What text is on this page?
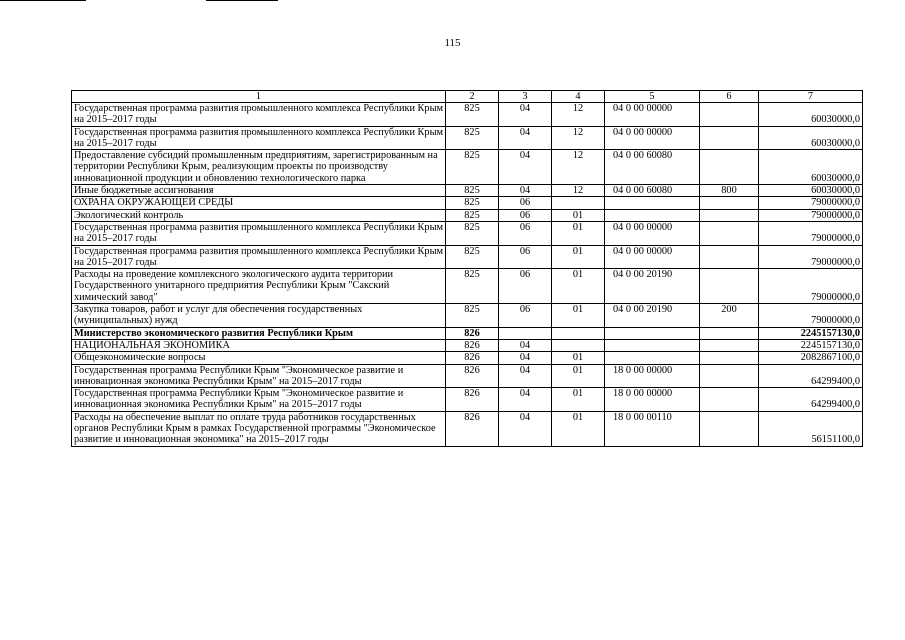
115
1	2	3	4	5	6	7
Государственная программа развития промышленного комплекса Республики Крым на 2015–2017 годы	825	04	12	04 0 00 00000		60030000,0
Государственная программа развития промышленного комплекса Республики Крым на 2015–2017 годы	825	04	12	04 0 00 00000		60030000,0
Предоставление субсидий промышленным предприятиям, зарегистрированным на территории Республики Крым, реализующим проекты по производству инновационной продукции и обновлению технологического парка	825	04	12	04 0 00 60080		60030000,0
Иные бюджетные ассигнования	825	04	12	04 0 00 60080	800	60030000,0
ОХРАНА ОКРУЖАЮЩЕЙ СРЕДЫ	825	06				79000000,0
Экологический контроль	825	06	01			79000000,0
Государственная программа развития промышленного комплекса Республики Крым на 2015–2017 годы	825	06	01	04 0 00 00000		79000000,0
Государственная программа развития промышленного комплекса Республики Крым на 2015–2017 годы	825	06	01	04 0 00 00000		79000000,0
Расходы на проведение комплексного экологического аудита территории Государственного унитарного предприятия Республики Крым "Сакский химический завод"	825	06	01	04 0 00 20190		79000000,0
Закупка товаров, работ и услуг для обеспечения государственных (муниципальных) нужд	825	06	01	04 0 00 20190	200	79000000,0
Министерство экономического развития Республики Крым	826					2245157130,0
НАЦИОНАЛЬНАЯ ЭКОНОМИКА	826	04				2245157130,0
Общеэкономические вопросы	826	04	01			2082867100,0
Государственная программа Республики Крым "Экономическое развитие и инновационная экономика Республики Крым" на 2015–2017 годы	826	04	01	18 0 00 00000		64299400,0
Государственная программа Республики Крым "Экономическое развитие и инновационная экономика Республики Крым" на 2015–2017 годы	826	04	01	18 0 00 00000		64299400,0
Расходы на обеспечение выплат по оплате труда работников государственных органов Республики Крым в рамках Государственной программы "Экономическое развитие и инновационная экономика" на 2015–2017 годы	826	04	01	18 0 00 00110		56151100,0
